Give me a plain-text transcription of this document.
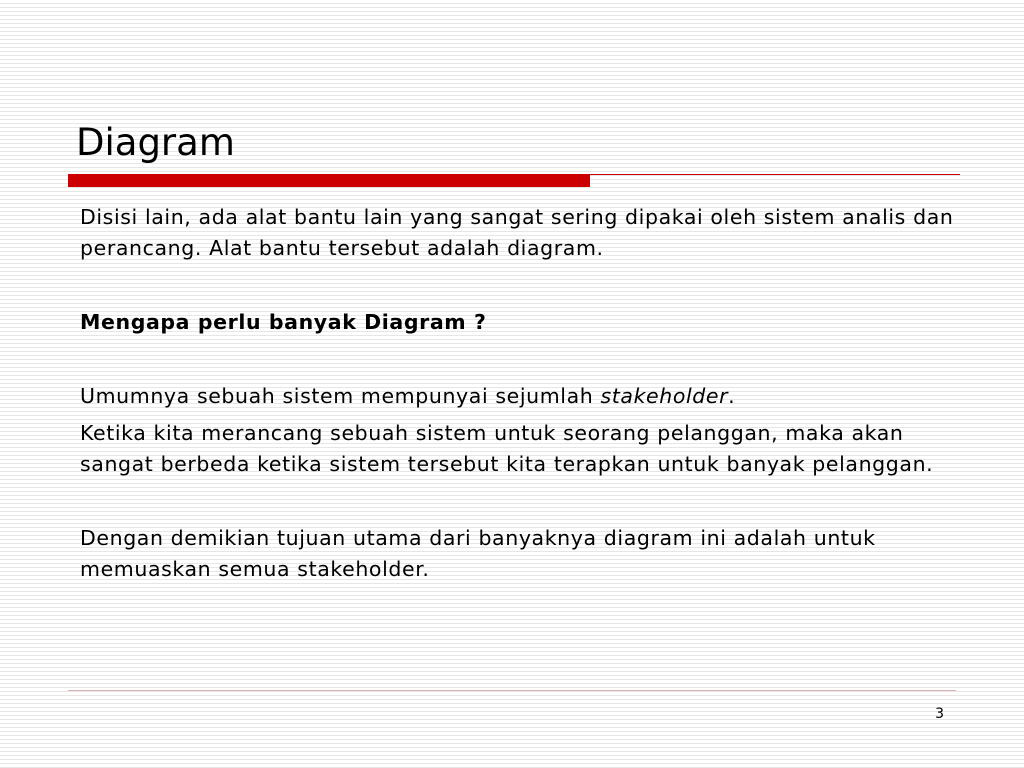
Diagram

Disisi lain, ada alat bantu lain yang sangat sering dipakai oleh sistem analis dan perancang. Alat bantu tersebut adalah diagram.

Mengapa perlu banyak Diagram ?

Umumnya sebuah sistem mempunyai sejumlah stakeholder.

Ketika kita merancang sebuah sistem untuk seorang pelanggan, maka akan sangat berbeda ketika sistem tersebut kita terapkan untuk banyak pelanggan.

Dengan demikian tujuan utama dari banyaknya diagram ini adalah untuk memuaskan semua stakeholder.

3
